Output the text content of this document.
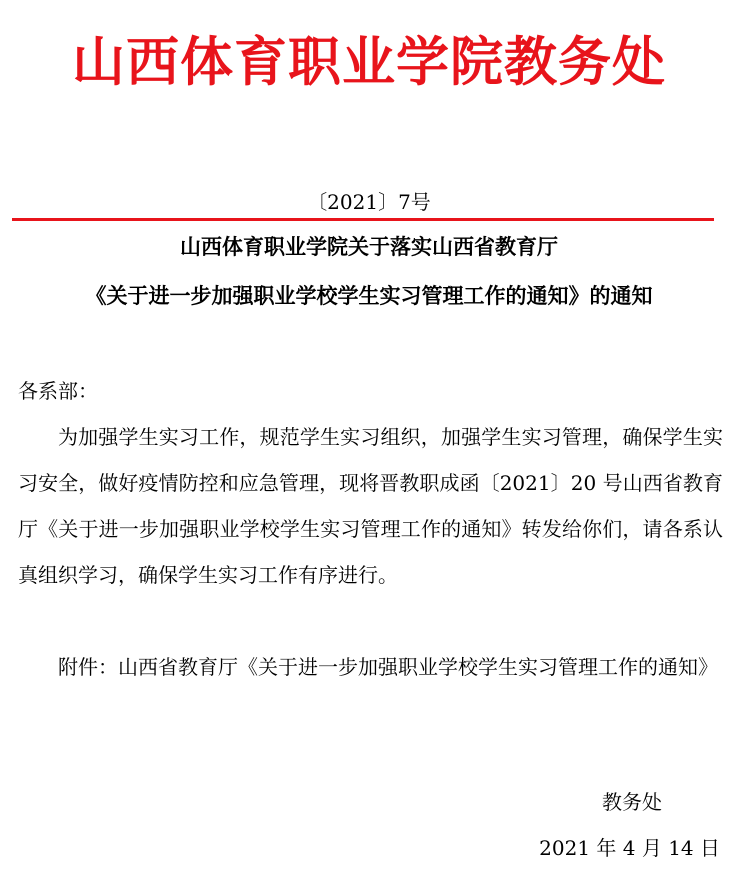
山西体育职业学院教务处
〔2021〕7号
山西体育职业学院关于落实山西省教育厅
《关于进一步加强职业学校学生实习管理工作的通知》的通知
各系部：
为加强学生实习工作，规范学生实习组织，加强学生实习管理，确保学生实习安全，做好疫情防控和应急管理，现将晋教职成函〔2021〕20 号山西省教育厅《关于进一步加强职业学校学生实习管理工作的通知》转发给你们，请各系认真组织学习，确保学生实习工作有序进行。
附件：山西省教育厅《关于进一步加强职业学校学生实习管理工作的通知》
教务处
2021 年 4 月 14 日
